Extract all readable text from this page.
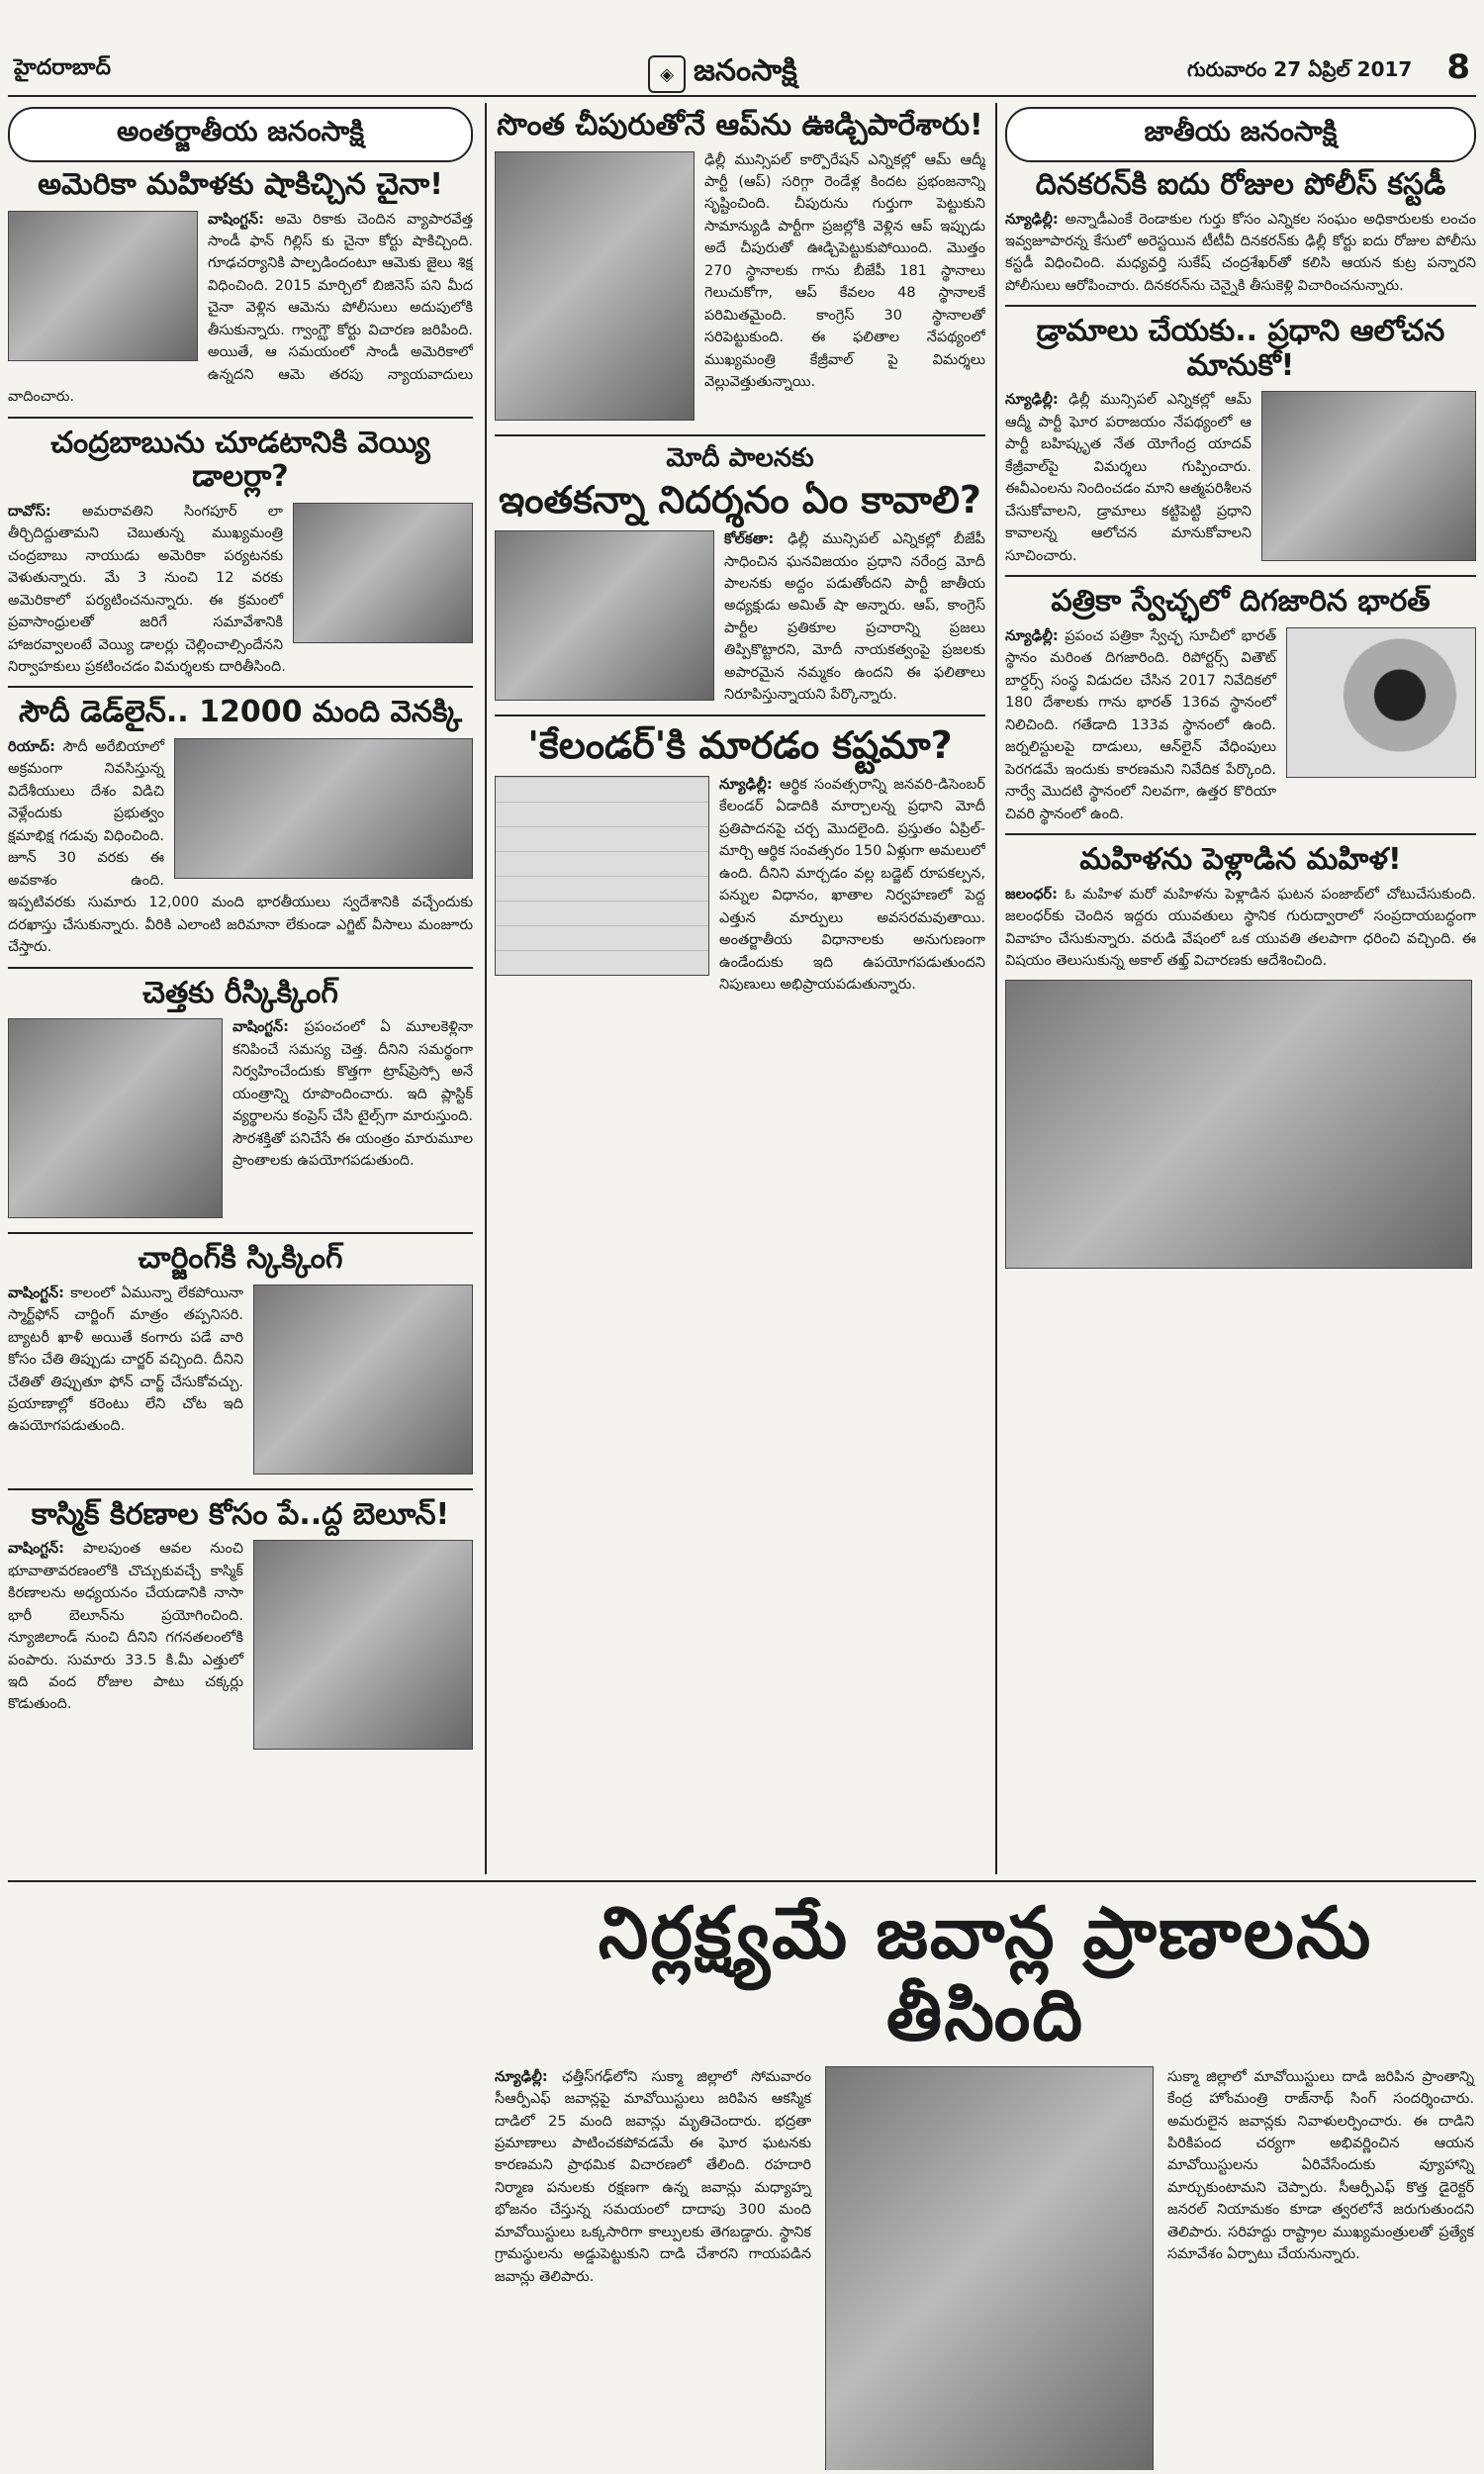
హైదరాబాద్	◈ జనంసాక్షి	గురువారం 27 ఏప్రిల్ 2017 8
అంతర్జాతీయ జనంసాక్షి
అమెరికా మహిళకు షాకిచ్చిన చైనా!

వాషింగ్టన్: అమె రికాకు చెందిన వ్యాపారవేత్త సాండీ ఫాన్ గిల్లిస్ కు చైనా కోర్టు షాకిచ్చింది. గూఢచర్యానికి పాల్పడిందంటూ ఆమెకు జైలు శిక్ష విధించింది. 2015 మార్చిలో బిజినెస్ పని మీద చైనా వెళ్లిన ఆమెను పోలీసులు అదుపులోకి తీసుకున్నారు. గ్వాంగ్ఝౌ కోర్టు విచారణ జరిపింది. అయితే, ఆ సమయంలో సాండీ అమెరికాలో ఉన్నదని ఆమె తరపు న్యాయవాదులు వాదించారు.

చంద్రబాబును చూడటానికి వెయ్యి డాలర్లా?

దావోస్: అమరావతిని సింగపూర్ లా తీర్చిదిద్దుతామని చెబుతున్న ముఖ్యమంత్రి చంద్రబాబు నాయుడు అమెరికా పర్యటనకు వెళుతున్నారు. మే 3 నుంచి 12 వరకు అమెరికాలో పర్యటించనున్నారు. ఈ క్రమంలో ప్రవాసాంధ్రులతో జరిగే సమావేశానికి హాజరవ్వాలంటే వెయ్యి డాలర్లు చెల్లించాల్సిందేనని నిర్వాహకులు ప్రకటించడం విమర్శలకు దారితీసింది.

సౌదీ డెడ్‌లైన్.. 12000 మంది వెనక్కి

రియాద్: సౌదీ అరేబియాలో అక్రమంగా నివసిస్తున్న విదేశీయులు దేశం విడిచి వెళ్లేందుకు ప్రభుత్వం క్షమాభిక్ష గడువు విధించింది. జూన్ 30 వరకు ఈ అవకాశం ఉంది. ఇప్పటివరకు సుమారు 12,000 మంది భారతీయులు స్వదేశానికి వచ్చేందుకు దరఖాస్తు చేసుకున్నారు. వీరికి ఎలాంటి జరిమానా లేకుండా ఎగ్జిట్ వీసాలు మంజూరు చేస్తారు.

చెత్తకు రీస్కిక్కింగ్

వాషింగ్టన్: ప్రపంచంలో ఏ మూలకెళ్లినా కనిపించే సమస్య చెత్త. దీనిని సమర్థంగా నిర్వహించేందుకు కొత్తగా ట్రాష్‌ప్రెస్సో అనే యంత్రాన్ని రూపొందించారు. ఇది ప్లాస్టిక్ వ్యర్థాలను కంప్రెస్ చేసి టైల్స్‌గా మారుస్తుంది. సౌరశక్తితో పనిచేసే ఈ యంత్రం మారుమూల ప్రాంతాలకు ఉపయోగపడుతుంది.

చార్జింగ్‌కి స్కిక్కింగ్

వాషింగ్టన్: కాలంలో ఏమున్నా లేకపోయినా స్మార్ట్‌ఫోన్ చార్జింగ్ మాత్రం తప్పనిసరి. బ్యాటరీ ఖాళీ అయితే కంగారు పడే వారి కోసం చేతి తిప్పుడు చార్జర్ వచ్చింది. దీనిని చేతితో తిప్పుతూ ఫోన్ చార్జ్ చేసుకోవచ్చు. ప్రయాణాల్లో కరెంటు లేని చోట ఇది ఉపయోగపడుతుంది.

కాస్మిక్ కిరణాల కోసం పే..ద్ద బెలూన్!

వాషింగ్టన్: పాలపుంత ఆవల నుంచి భూవాతావరణంలోకి చొచ్చుకువచ్చే కాస్మిక్ కిరణాలను అధ్యయనం చేయడానికి నాసా భారీ బెలూన్‌ను ప్రయోగించింది. న్యూజిలాండ్ నుంచి దీనిని గగనతలంలోకి పంపారు. సుమారు 33.5 కి.మీ ఎత్తులో ఇది వంద రోజుల పాటు చక్కర్లు కొడుతుంది.

సొంత చీపురుతోనే ఆప్‌ను ఊడ్చిపారేశారు!

ఢిల్లీ మున్సిపల్ కార్పొరేషన్ ఎన్నికల్లో ఆమ్ ఆద్మీ పార్టీ (ఆప్) సరిగ్గా రెండేళ్ల కిందట ప్రభంజనాన్ని సృష్టించింది. చీపురును గుర్తుగా పెట్టుకుని సామాన్యుడి పార్టీగా ప్రజల్లోకి వెళ్లిన ఆప్ ఇప్పుడు అదే చీపురుతో ఊడ్చిపెట్టుకుపోయింది. మొత్తం 270 స్థానాలకు గాను బీజేపీ 181 స్థానాలు గెలుచుకోగా, ఆప్ కేవలం 48 స్థానాలకే పరిమితమైంది. కాంగ్రెస్ 30 స్థానాలతో సరిపెట్టుకుంది. ఈ ఫలితాల నేపథ్యంలో ముఖ్యమంత్రి కేజ్రీవాల్ పై విమర్శలు వెల్లువెత్తుతున్నాయి.

మోదీ పాలనకు
ఇంతకన్నా నిదర్శనం ఏం కావాలి?

కోల్‌కతా: ఢిల్లీ మున్సిపల్ ఎన్నికల్లో బీజేపీ సాధించిన ఘనవిజయం ప్రధాని నరేంద్ర మోదీ పాలనకు అద్దం పడుతోందని పార్టీ జాతీయ అధ్యక్షుడు అమిత్ షా అన్నారు. ఆప్, కాంగ్రెస్ పార్టీల ప్రతికూల ప్రచారాన్ని ప్రజలు తిప్పికొట్టారని, మోదీ నాయకత్వంపై ప్రజలకు అపారమైన నమ్మకం ఉందని ఈ ఫలితాలు నిరూపిస్తున్నాయని పేర్కొన్నారు.

'కేలండర్'కి మారడం కష్టమా?

న్యూఢిల్లీ: ఆర్థిక సంవత్సరాన్ని జనవరి-డిసెంబర్ కేలండర్ ఏడాదికి మార్చాలన్న ప్రధాని మోదీ ప్రతిపాదనపై చర్చ మొదలైంది. ప్రస్తుతం ఏప్రిల్-మార్చి ఆర్థిక సంవత్సరం 150 ఏళ్లుగా అమలులో ఉంది. దీనిని మార్చడం వల్ల బడ్జెట్ రూపకల్పన, పన్నుల విధానం, ఖాతాల నిర్వహణలో పెద్ద ఎత్తున మార్పులు అవసరమవుతాయి. అంతర్జాతీయ విధానాలకు అనుగుణంగా ఉండేందుకు ఇది ఉపయోగపడుతుందని నిపుణులు అభిప్రాయపడుతున్నారు.

జాతీయ జనంసాక్షి
దినకరన్‌కి ఐదు రోజుల పోలీస్ కస్టడీ

న్యూఢిల్లీ: అన్నాడీఎంకే రెండాకుల గుర్తు కోసం ఎన్నికల సంఘం అధికారులకు లంచం ఇవ్వజూపారన్న కేసులో అరెస్టయిన టీటీవీ దినకరన్‌కు ఢిల్లీ కోర్టు ఐదు రోజుల పోలీసు కస్టడీ విధించింది. మధ్యవర్తి సుకేష్ చంద్రశేఖర్‌తో కలిసి ఆయన కుట్ర పన్నారని పోలీసులు ఆరోపించారు. దినకరన్‌ను చెన్నైకి తీసుకెళ్లి విచారించనున్నారు.

డ్రామాలు చేయకు.. ప్రధాని ఆలోచన మానుకో!

న్యూఢిల్లీ: ఢిల్లీ మున్సిపల్ ఎన్నికల్లో ఆమ్ ఆద్మీ పార్టీ ఘోర పరాజయం నేపథ్యంలో ఆ పార్టీ బహిష్కృత నేత యోగేంద్ర యాదవ్ కేజ్రీవాల్‌పై విమర్శలు గుప్పించారు. ఈవీఎంలను నిందించడం మాని ఆత్మపరిశీలన చేసుకోవాలని, డ్రామాలు కట్టిపెట్టి ప్రధాని కావాలన్న ఆలోచన మానుకోవాలని సూచించారు.

పత్రికా స్వేచ్ఛలో దిగజారిన భారత్

న్యూఢిల్లీ: ప్రపంచ పత్రికా స్వేచ్ఛ సూచీలో భారత్ స్థానం మరింత దిగజారింది. రిపోర్టర్స్ వితౌట్ బార్డర్స్ సంస్థ విడుదల చేసిన 2017 నివేదికలో 180 దేశాలకు గాను భారత్ 136వ స్థానంలో నిలిచింది. గతేడాది 133వ స్థానంలో ఉంది. జర్నలిస్టులపై దాడులు, ఆన్‌లైన్ వేధింపులు పెరగడమే ఇందుకు కారణమని నివేదిక పేర్కొంది. నార్వే మొదటి స్థానంలో నిలవగా, ఉత్తర కొరియా చివరి స్థానంలో ఉంది.

మహిళను పెళ్లాడిన మహిళ!

జలంధర్: ఓ మహిళ మరో మహిళను పెళ్లాడిన ఘటన పంజాబ్‌లో చోటుచేసుకుంది. జలంధర్‌కు చెందిన ఇద్దరు యువతులు స్థానిక గురుద్వారాలో సంప్రదాయబద్ధంగా వివాహం చేసుకున్నారు. వరుడి వేషంలో ఒక యువతి తలపాగా ధరించి వచ్చింది. ఈ విషయం తెలుసుకున్న అకాల్ తఖ్త్ విచారణకు ఆదేశించింది.

నిర్లక్ష్యమే జవాన్ల ప్రాణాలను తీసింది

న్యూఢిల్లీ: ఛత్తీస్‌గఢ్‌లోని సుక్మా జిల్లాలో సోమవారం సీఆర్పీఎఫ్ జవాన్లపై మావోయిస్టులు జరిపిన ఆకస్మిక దాడిలో 25 మంది జవాన్లు మృతిచెందారు. భద్రతా ప్రమాణాలు పాటించకపోవడమే ఈ ఘోర ఘటనకు కారణమని ప్రాథమిక విచారణలో తేలింది. రహదారి నిర్మాణ పనులకు రక్షణగా ఉన్న జవాన్లు మధ్యాహ్న భోజనం చేస్తున్న సమయంలో దాదాపు 300 మంది మావోయిస్టులు ఒక్కసారిగా కాల్పులకు తెగబడ్డారు. స్థానిక గ్రామస్థులను అడ్డుపెట్టుకుని దాడి చేశారని గాయపడిన జవాన్లు తెలిపారు.

సుక్మా జిల్లాలో మావోయిస్టులు దాడి జరిపిన ప్రాంతాన్ని కేంద్ర హోంమంత్రి రాజ్‌నాథ్ సింగ్ సందర్శించారు. అమరులైన జవాన్లకు నివాళులర్పించారు. ఈ దాడిని పిరికిపంద చర్యగా అభివర్ణించిన ఆయన మావోయిస్టులను ఏరివేసేందుకు వ్యూహాన్ని మార్చుకుంటామని చెప్పారు. సీఆర్పీఎఫ్ కొత్త డైరెక్టర్ జనరల్ నియామకం కూడా త్వరలోనే జరుగుతుందని తెలిపారు. సరిహద్దు రాష్ట్రాల ముఖ్యమంత్రులతో ప్రత్యేక సమావేశం ఏర్పాటు చేయనున్నారు.
